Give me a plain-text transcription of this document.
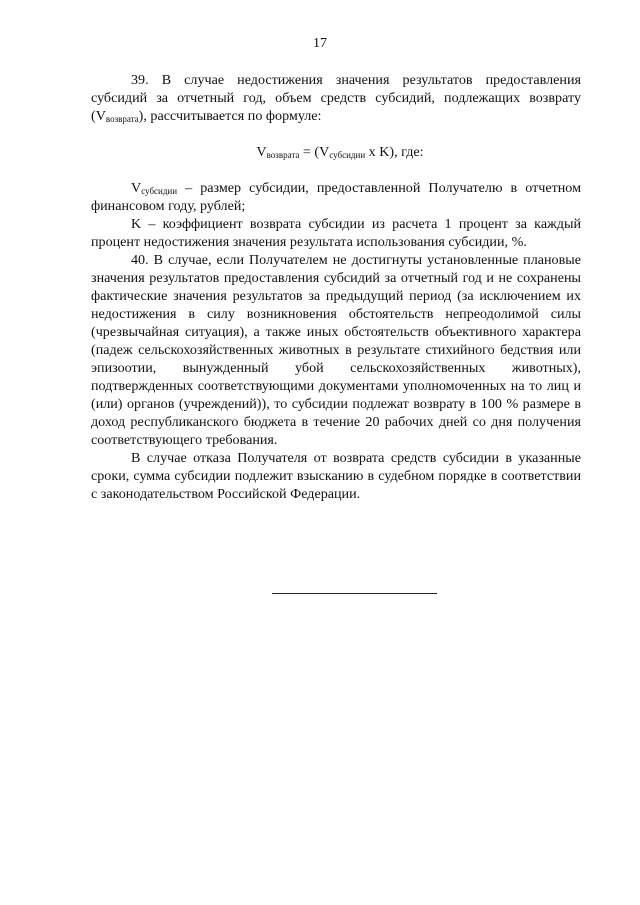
17

39. В случае недостижения значения результатов предоставления субсидий за отчетный год, объем средств субсидий, подлежащих возврату $(V_{возврата})$, рассчитывается по формуле:

$V_{возврата} = (V_{субсидии}$ x K), где:

$V_{субсидии}$ – размер субсидии, предоставленной Получателю в отчетном финансовом году, рублей;

K – коэффициент возврата субсидии из расчета 1 процент за каждый процент недостижения значения результата использования субсидии, %.

40. В случае, если Получателем не достигнуты установленные плановые значения результатов предоставления субсидий за отчетный год и не сохранены фактические значения результатов за предыдущий период (за исключением их недостижения в силу возникновения обстоятельств непреодолимой силы (чрезвычайная ситуация), а также иных обстоятельств объективного характера (падеж сельскохозяйственных животных в результате стихийного бедствия или эпизоотии, вынужденный убой сельскохозяйственных животных), подтвержденных соответствующими документами уполномоченных на то лиц и (или) органов (учреждений)), то субсидии подлежат возврату в 100 % размере в доход республиканского бюджета в течение 20 рабочих дней со дня получения соответствующего требования.

В случае отказа Получателя от возврата средств субсидии в указанные сроки, сумма субсидии подлежит взысканию в судебном порядке в соответствии с законодательством Российской Федерации.
